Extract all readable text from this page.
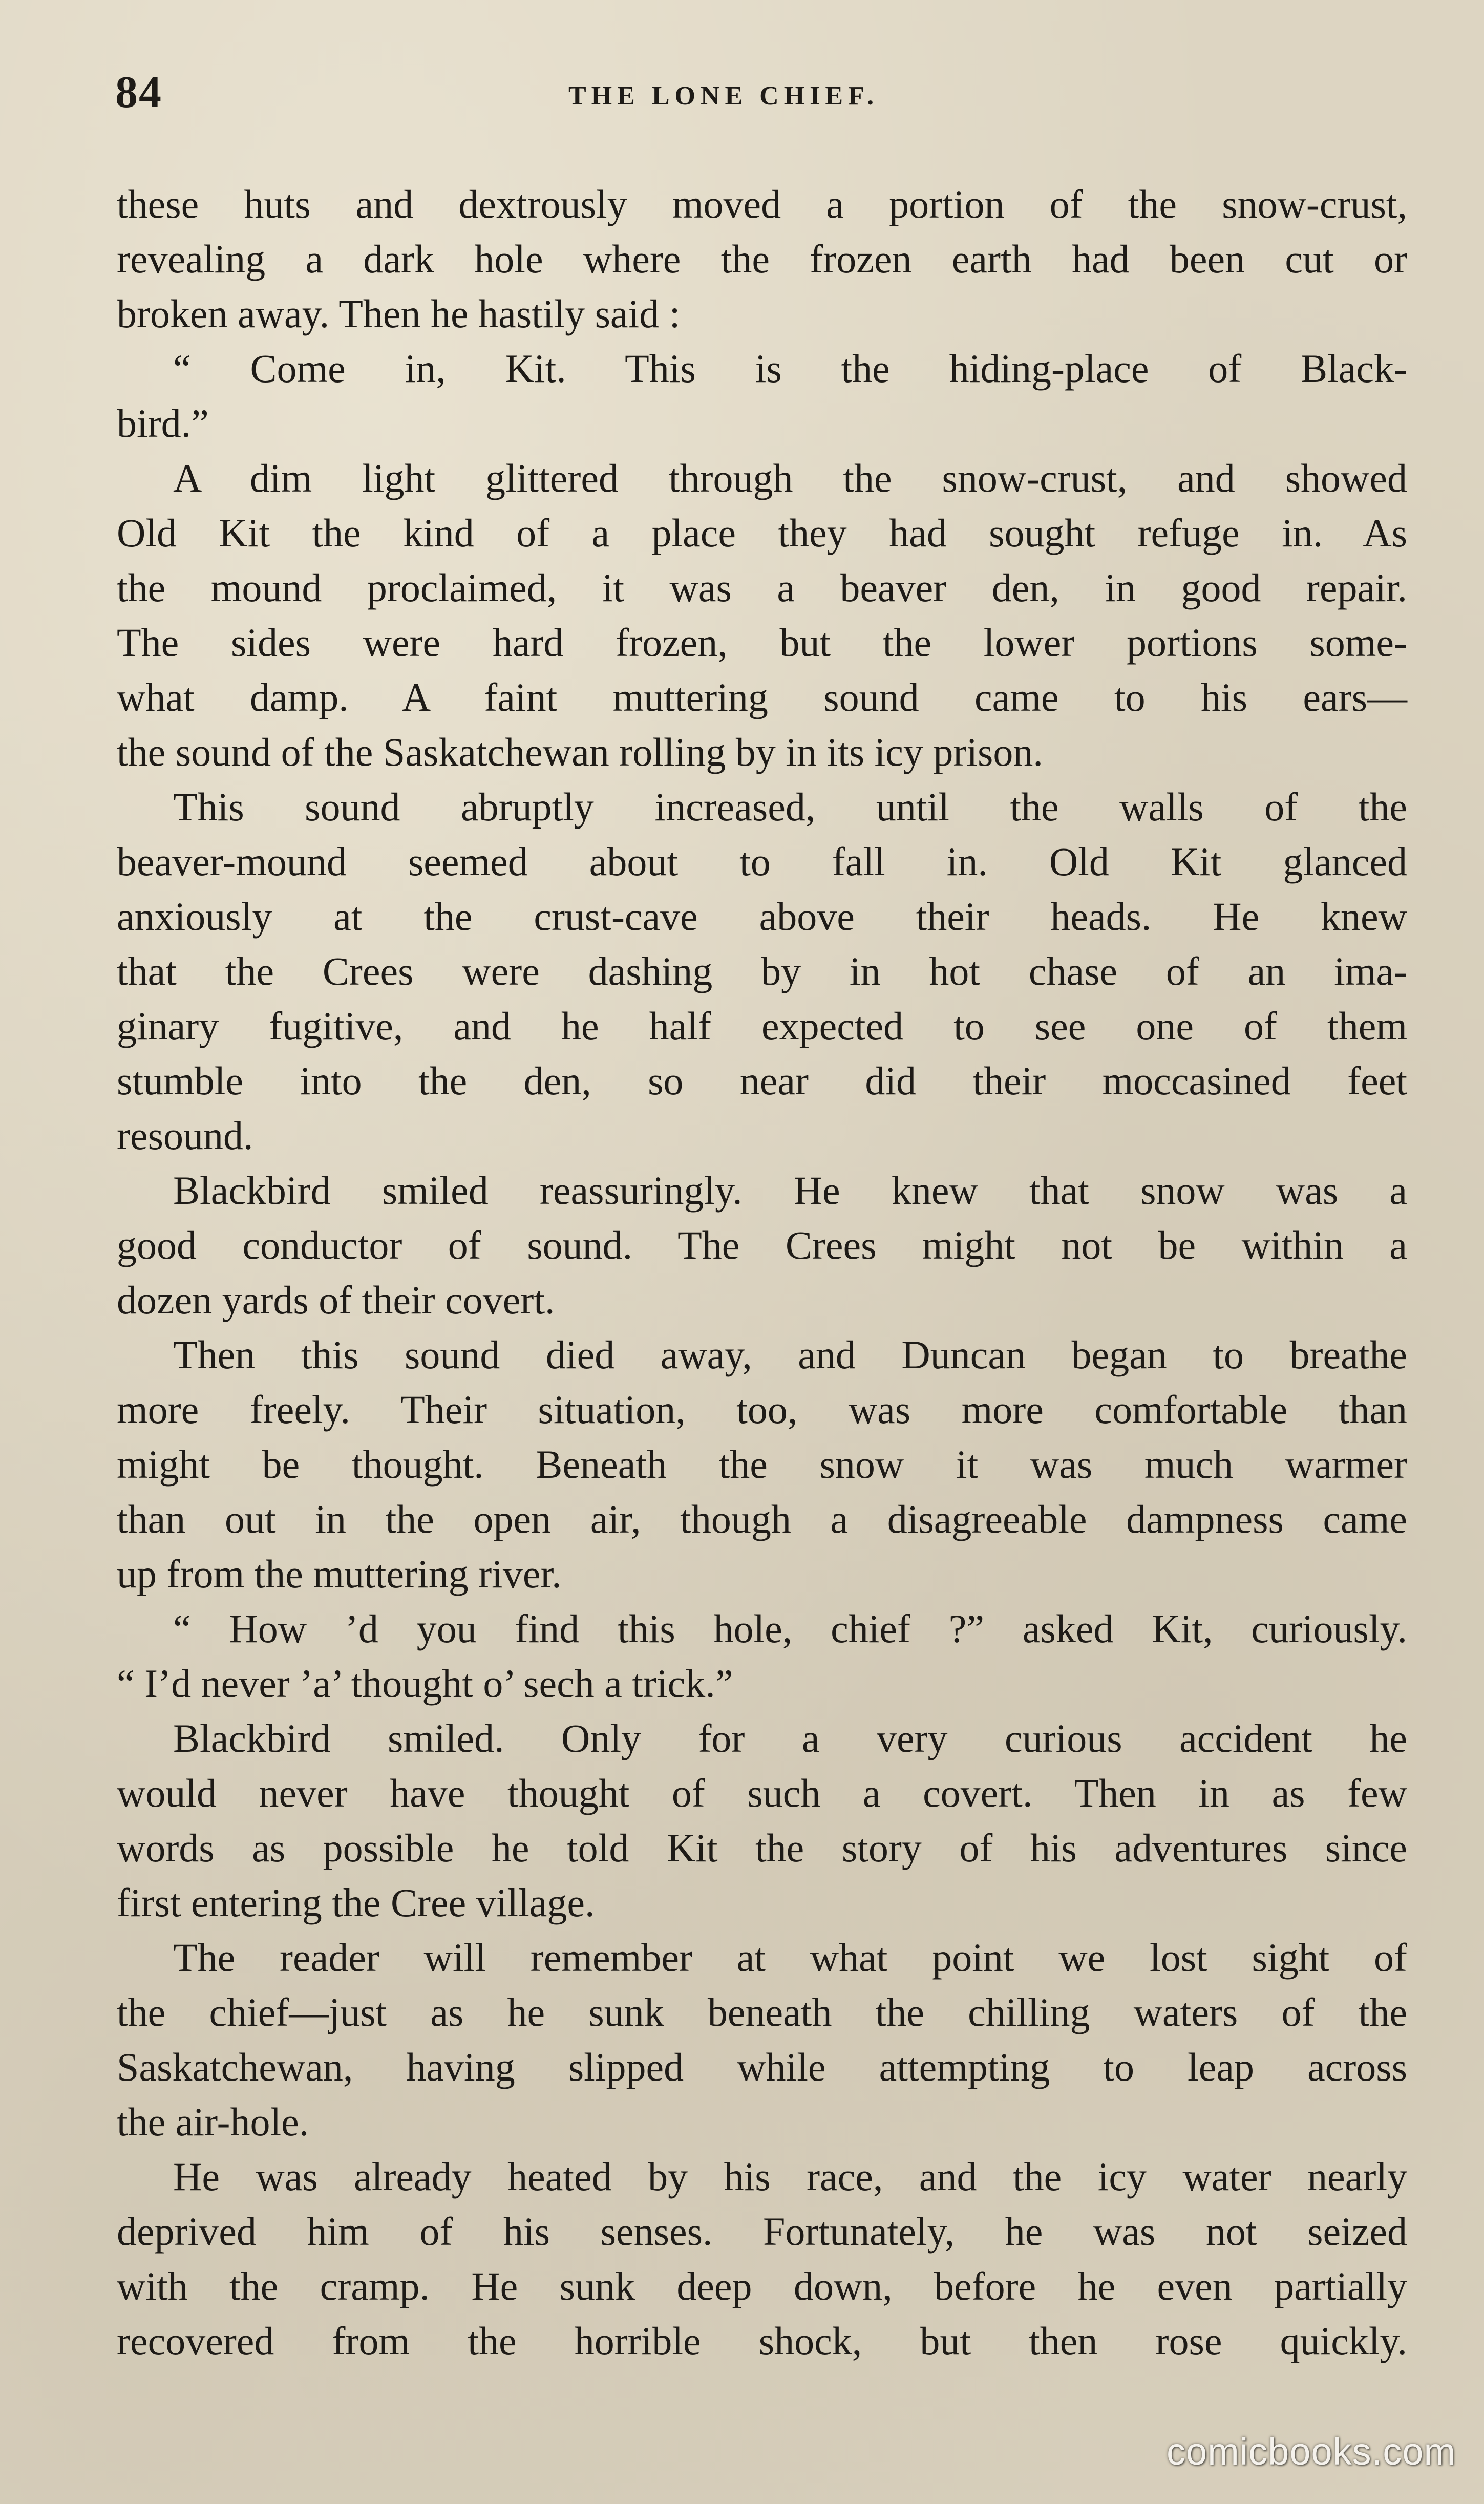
84	THE LONE CHIEF.
these huts and dextrously moved a portion of the snow-crust,
revealing a dark hole where the frozen earth had been cut or
broken away. Then he hastily said :
“ Come in, Kit. This is the hiding-place of Black-
bird.”
A dim light glittered through the snow-crust, and showed
Old Kit the kind of a place they had sought refuge in. As
the mound proclaimed, it was a beaver den, in good repair.
The sides were hard frozen, but the lower portions some-
what damp. A faint muttering sound came to his ears—
the sound of the Saskatchewan rolling by in its icy prison.
This sound abruptly increased, until the walls of the
beaver-mound seemed about to fall in. Old Kit glanced
anxiously at the crust-cave above their heads. He knew
that the Crees were dashing by in hot chase of an ima-
ginary fugitive, and he half expected to see one of them
stumble into the den, so near did their moccasined feet
resound.
Blackbird smiled reassuringly. He knew that snow was a
good conductor of sound. The Crees might not be within a
dozen yards of their covert.
Then this sound died away, and Duncan began to breathe
more freely. Their situation, too, was more comfortable than
might be thought. Beneath the snow it was much warmer
than out in the open air, though a disagreeable dampness came
up from the muttering river.
“ How ’d you find this hole, chief ?” asked Kit, curiously.
“ I’d never ’a’ thought o’ sech a trick.”
Blackbird smiled. Only for a very curious accident he
would never have thought of such a covert. Then in as few
words as possible he told Kit the story of his adventures since
first entering the Cree village.
The reader will remember at what point we lost sight of
the chief—just as he sunk beneath the chilling waters of the
Saskatchewan, having slipped while attempting to leap across
the air-hole.
He was already heated by his race, and the icy water nearly
deprived him of his senses. Fortunately, he was not seized
with the cramp. He sunk deep down, before he even partially
recovered from the horrible shock, but then rose quickly.
comicbooks.com
